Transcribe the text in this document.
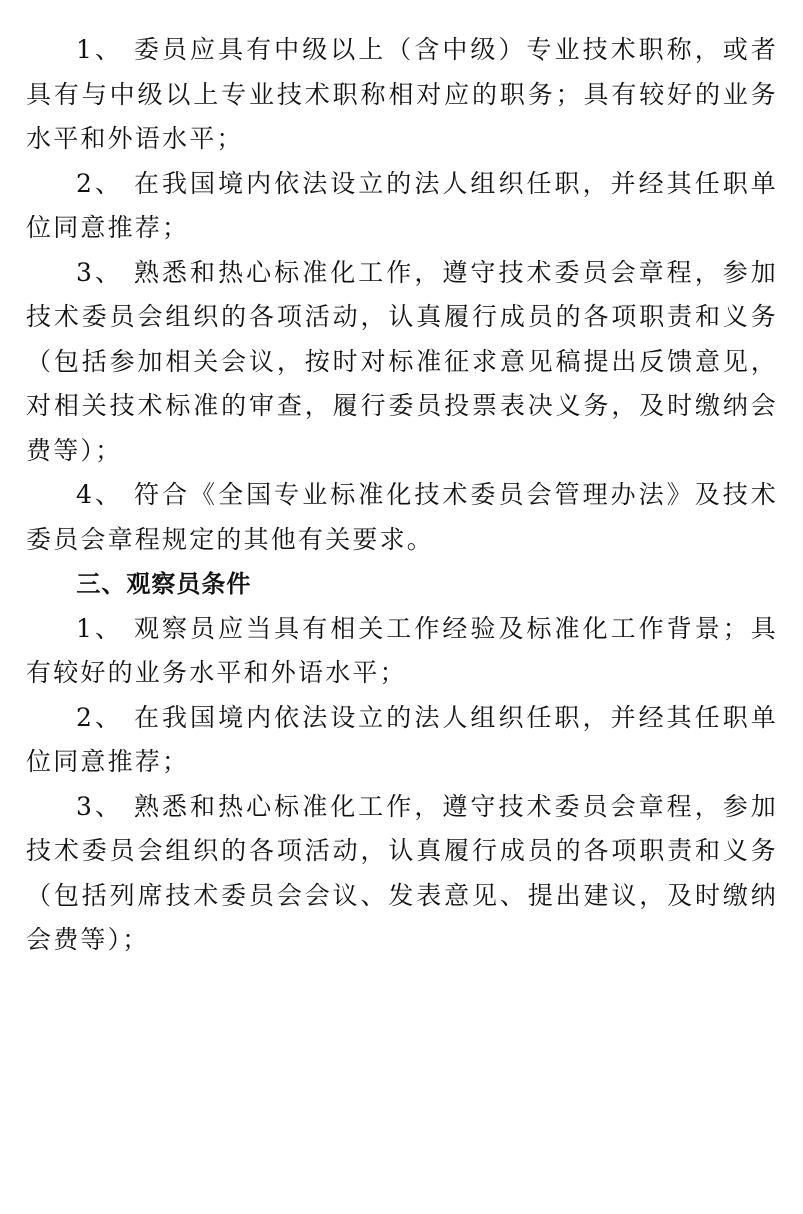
1、 委员应具有中级以上（含中级）专业技术职称，或者具有与中级以上专业技术职称相对应的职务；具有较好的业务水平和外语水平；

2、 在我国境内依法设立的法人组织任职，并经其任职单位同意推荐；

3、 熟悉和热心标准化工作，遵守技术委员会章程，参加技术委员会组织的各项活动，认真履行成员的各项职责和义务（包括参加相关会议，按时对标准征求意见稿提出反馈意见，对相关技术标准的审查，履行委员投票表决义务，及时缴纳会费等）；

4、 符合《全国专业标准化技术委员会管理办法》及技术委员会章程规定的其他有关要求。

三、观察员条件

1、 观察员应当具有相关工作经验及标准化工作背景；具有较好的业务水平和外语水平；

2、 在我国境内依法设立的法人组织任职，并经其任职单位同意推荐；

3、 熟悉和热心标准化工作，遵守技术委员会章程，参加技术委员会组织的各项活动，认真履行成员的各项职责和义务（包括列席技术委员会会议、发表意见、提出建议，及时缴纳会费等）；
